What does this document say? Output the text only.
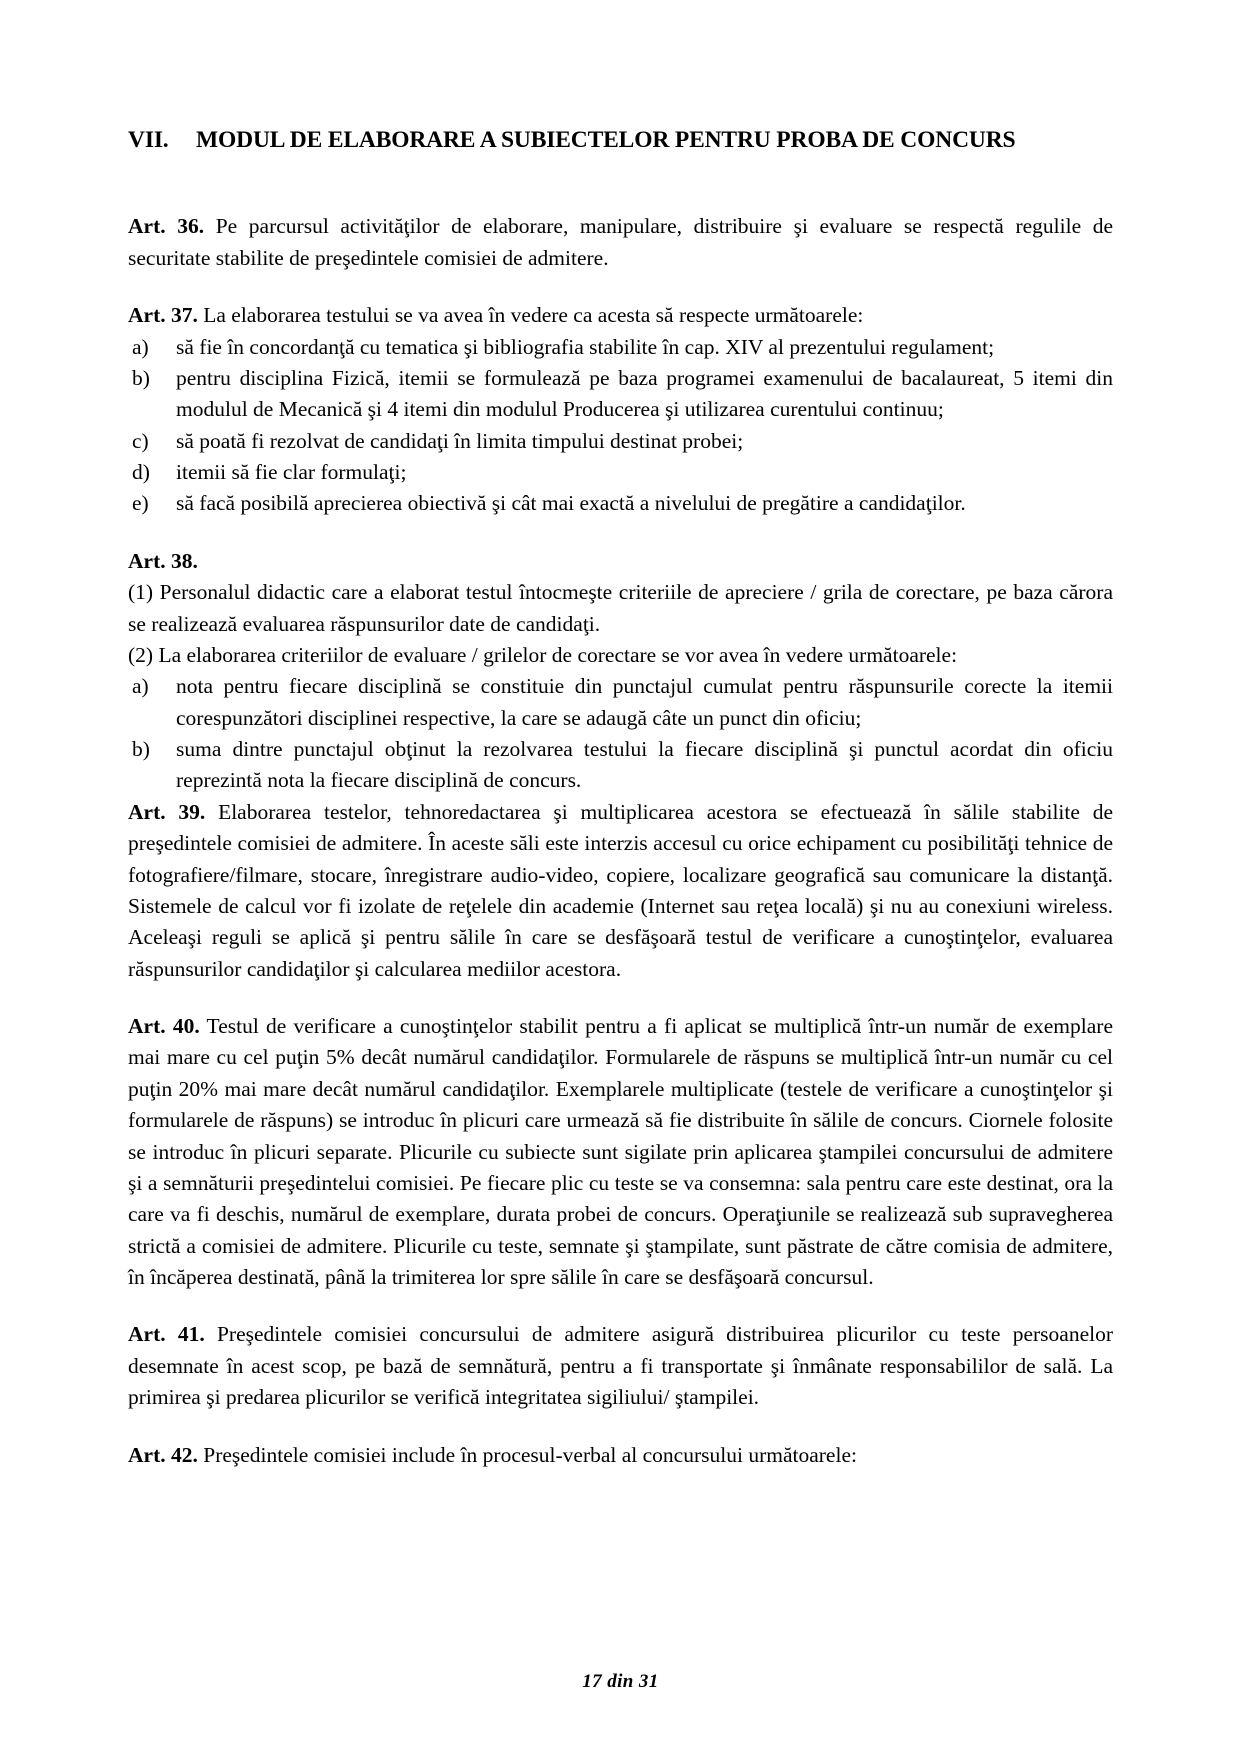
VII. MODUL DE ELABORARE A SUBIECTELOR PENTRU PROBA DE CONCURS

Art. 36. Pe parcursul activităţilor de elaborare, manipulare, distribuire şi evaluare se respectă regulile de securitate stabilite de preşedintele comisiei de admitere.

Art. 37. La elaborarea testului se va avea în vedere ca acesta să respecte următoarele:

a)	să fie în concordanţă cu tematica şi bibliografia stabilite în cap. XIV al prezentului regulament;
b)	pentru disciplina Fizică, itemii se formulează pe baza programei examenului de bacalaureat, 5 itemi din modulul de Mecanică şi 4 itemi din modulul Producerea şi utilizarea curentului continuu;
c)	să poată fi rezolvat de candidaţi în limita timpului destinat probei;
d)	itemii să fie clar formulaţi;
e)	să facă posibilă aprecierea obiectivă şi cât mai exactă a nivelului de pregătire a candidaţilor.

Art. 38.

(1) Personalul didactic care a elaborat testul întocmeşte criteriile de apreciere / grila de corectare, pe baza cărora se realizează evaluarea răspunsurilor date de candidaţi.

(2) La elaborarea criteriilor de evaluare / grilelor de corectare se vor avea în vedere următoarele:

a)	nota pentru fiecare disciplină se constituie din punctajul cumulat pentru răspunsurile corecte la itemii corespunzători disciplinei respective, la care se adaugă câte un punct din oficiu;
b)	suma dintre punctajul obţinut la rezolvarea testului la fiecare disciplină şi punctul acordat din oficiu reprezintă nota la fiecare disciplină de concurs.

Art. 39. Elaborarea testelor, tehnoredactarea şi multiplicarea acestora se efectuează în sălile stabilite de preşedintele comisiei de admitere. În aceste săli este interzis accesul cu orice echipament cu posibilităţi tehnice de fotografiere/filmare, stocare, înregistrare audio-video, copiere, localizare geografică sau comunicare la distanţă. Sistemele de calcul vor fi izolate de reţelele din academie (Internet sau reţea locală) şi nu au conexiuni wireless. Aceleaşi reguli se aplică şi pentru sălile în care se desfăşoară testul de verificare a cunoştinţelor, evaluarea răspunsurilor candidaţilor şi calcularea mediilor acestora.

Art. 40. Testul de verificare a cunoştinţelor stabilit pentru a fi aplicat se multiplică într-un număr de exemplare mai mare cu cel puţin 5% decât numărul candidaţilor. Formularele de răspuns se multiplică într-un număr cu cel puţin 20% mai mare decât numărul candidaţilor. Exemplarele multiplicate (testele de verificare a cunoştinţelor şi formularele de răspuns) se introduc în plicuri care urmează să fie distribuite în sălile de concurs. Ciornele folosite se introduc în plicuri separate. Plicurile cu subiecte sunt sigilate prin aplicarea ştampilei concursului de admitere şi a semnăturii preşedintelui comisiei. Pe fiecare plic cu teste se va consemna: sala pentru care este destinat, ora la care va fi deschis, numărul de exemplare, durata probei de concurs. Operaţiunile se realizează sub supravegherea strictă a comisiei de admitere. Plicurile cu teste, semnate şi ştampilate, sunt păstrate de către comisia de admitere, în încăperea destinată, până la trimiterea lor spre sălile în care se desfăşoară concursul.

Art. 41. Preşedintele comisiei concursului de admitere asigură distribuirea plicurilor cu teste persoanelor desemnate în acest scop, pe bază de semnătură, pentru a fi transportate şi înmânate responsabililor de sală. La primirea şi predarea plicurilor se verifică integritatea sigiliului/ ştampilei.

Art. 42. Preşedintele comisiei include în procesul-verbal al concursului următoarele:

17 din 31
